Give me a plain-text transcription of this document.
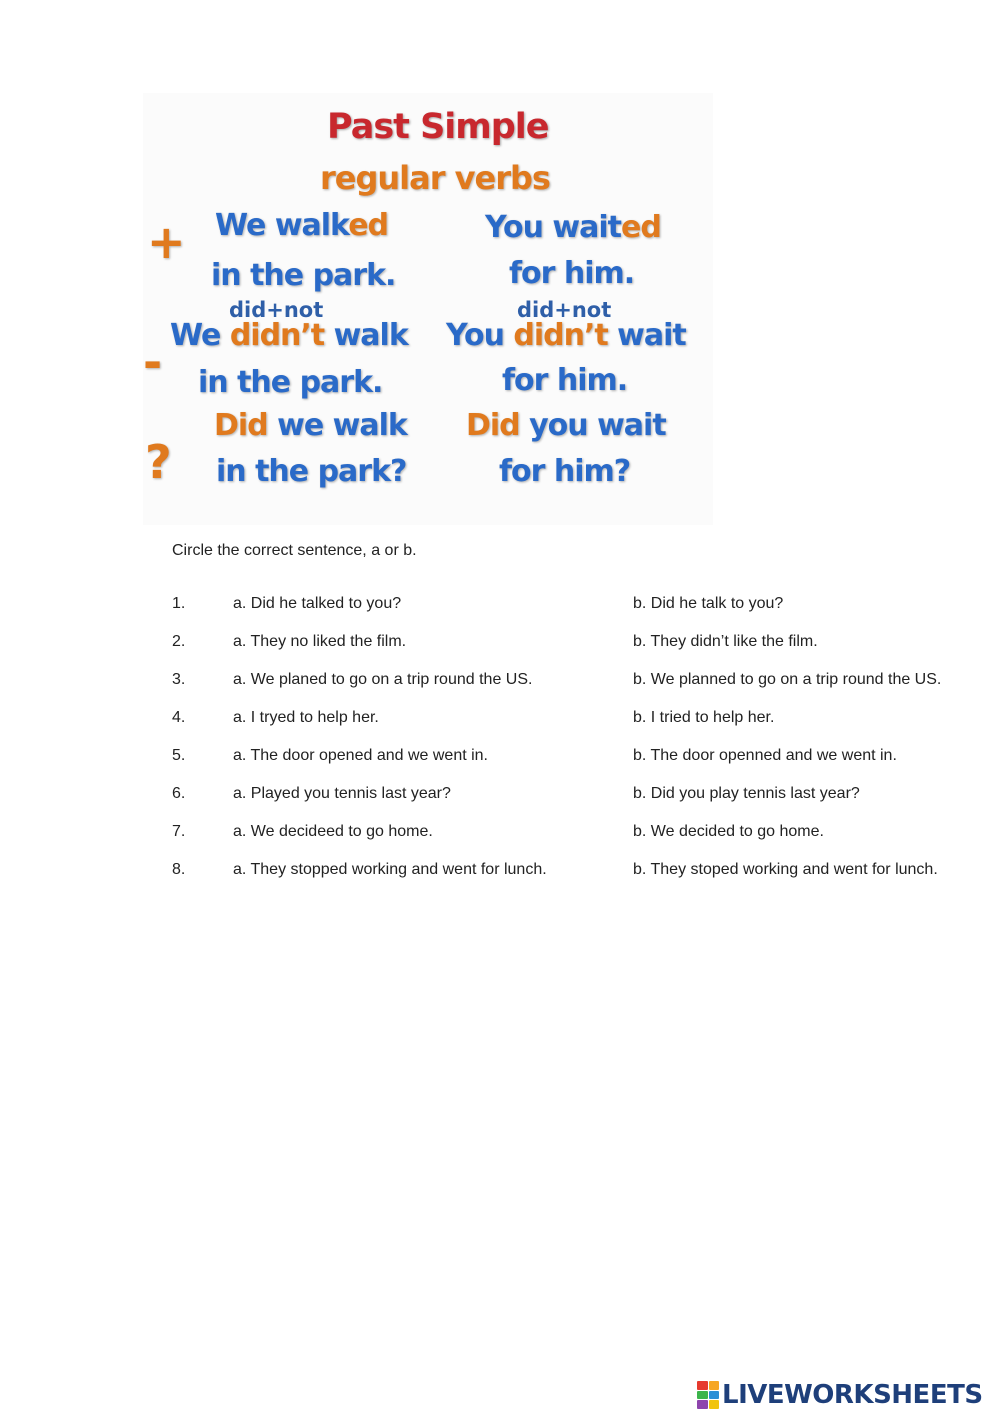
Past Simple
regular verbs
+
-
?
We walked
in the park.
did+not
We didn’t walk
in the park.
Did we walk
in the park?
You waited
for him.
did+not
You didn’t wait
for him.
Did you wait
for him?
Circle the correct sentence, a or b.
1.	a. Did he talked to you?	b. Did he talk to you?
2.	a. They no liked the film.	b. They didn’t like the film.
3.	a. We planed to go on a trip round the US.	b. We planned to go on a trip round the US.
4.	a. I tryed to help her.	b. I tried to help her.
5.	a. The door opened and we went in.	b. The door openned and we went in.
6.	a. Played you tennis last year?	b. Did you play tennis last year?
7.	a. We decideed to go home.	b. We decided to go home.
8.	a. They stopped working and went for lunch.	b. They stoped working and went for lunch.
LIVEWORKSHEETS
